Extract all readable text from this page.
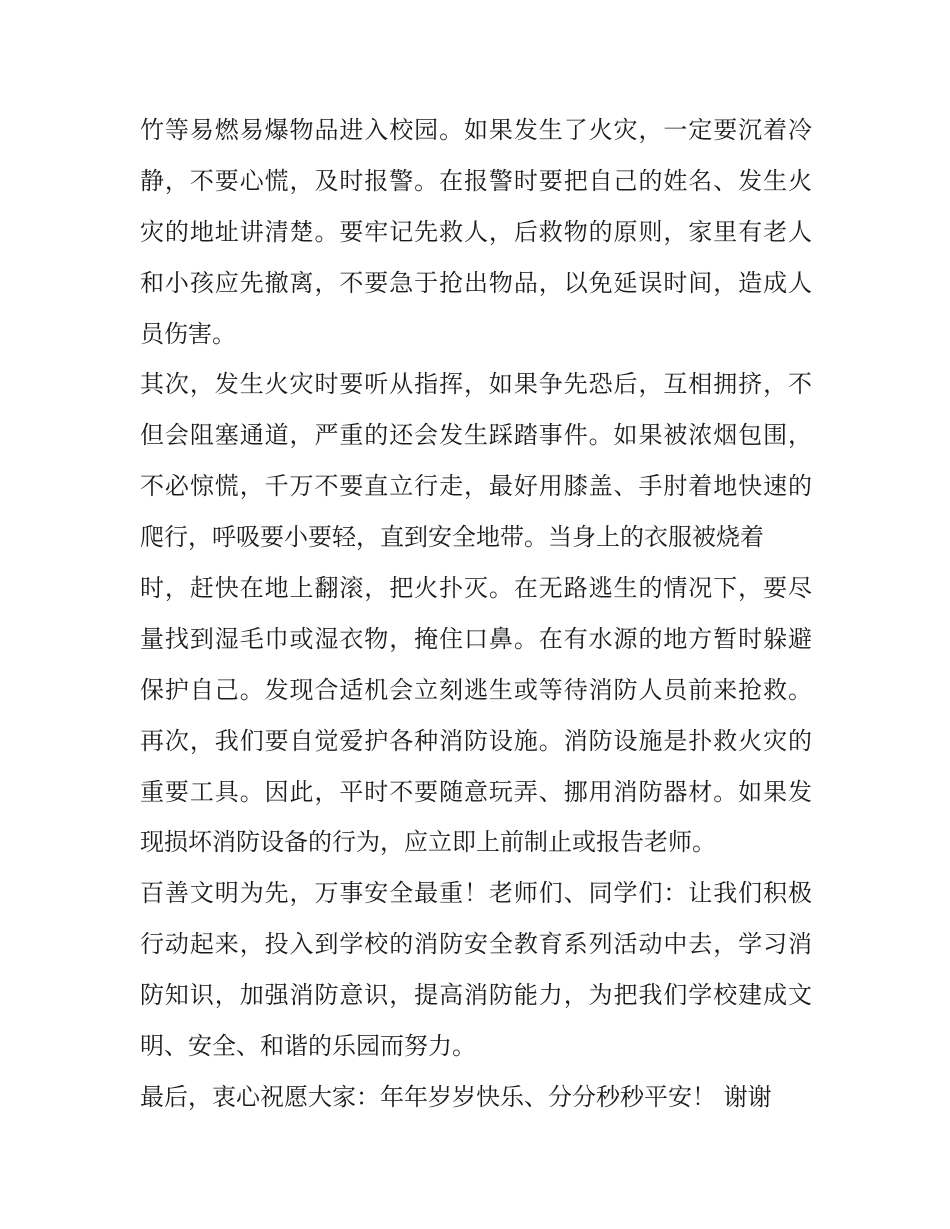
竹等易燃易爆物品进入校园。如果发生了火灾，一定要沉着冷
静，不要心慌，及时报警。在报警时要把自己的姓名、发生火
灾的地址讲清楚。要牢记先救人，后救物的原则，家里有老人
和小孩应先撤离，不要急于抢出物品，以免延误时间，造成人
员伤害。
其次，发生火灾时要听从指挥，如果争先恐后，互相拥挤，不
但会阻塞通道，严重的还会发生踩踏事件。如果被浓烟包围，
不必惊慌，千万不要直立行走，最好用膝盖、手肘着地快速的
爬行，呼吸要小要轻，直到安全地带。当身上的衣服被烧着
时，赶快在地上翻滚，把火扑灭。在无路逃生的情况下，要尽
量找到湿毛巾或湿衣物，掩住口鼻。在有水源的地方暂时躲避
保护自己。发现合适机会立刻逃生或等待消防人员前来抢救。
再次，我们要自觉爱护各种消防设施。消防设施是扑救火灾的
重要工具。因此，平时不要随意玩弄、挪用消防器材。如果发
现损坏消防设备的行为，应立即上前制止或报告老师。
百善文明为先，万事安全最重！老师们、同学们：让我们积极
行动起来，投入到学校的消防安全教育系列活动中去，学习消
防知识，加强消防意识，提高消防能力，为把我们学校建成文
明、安全、和谐的乐园而努力。
最后，衷心祝愿大家：年年岁岁快乐、分分秒秒平安！ 谢谢
